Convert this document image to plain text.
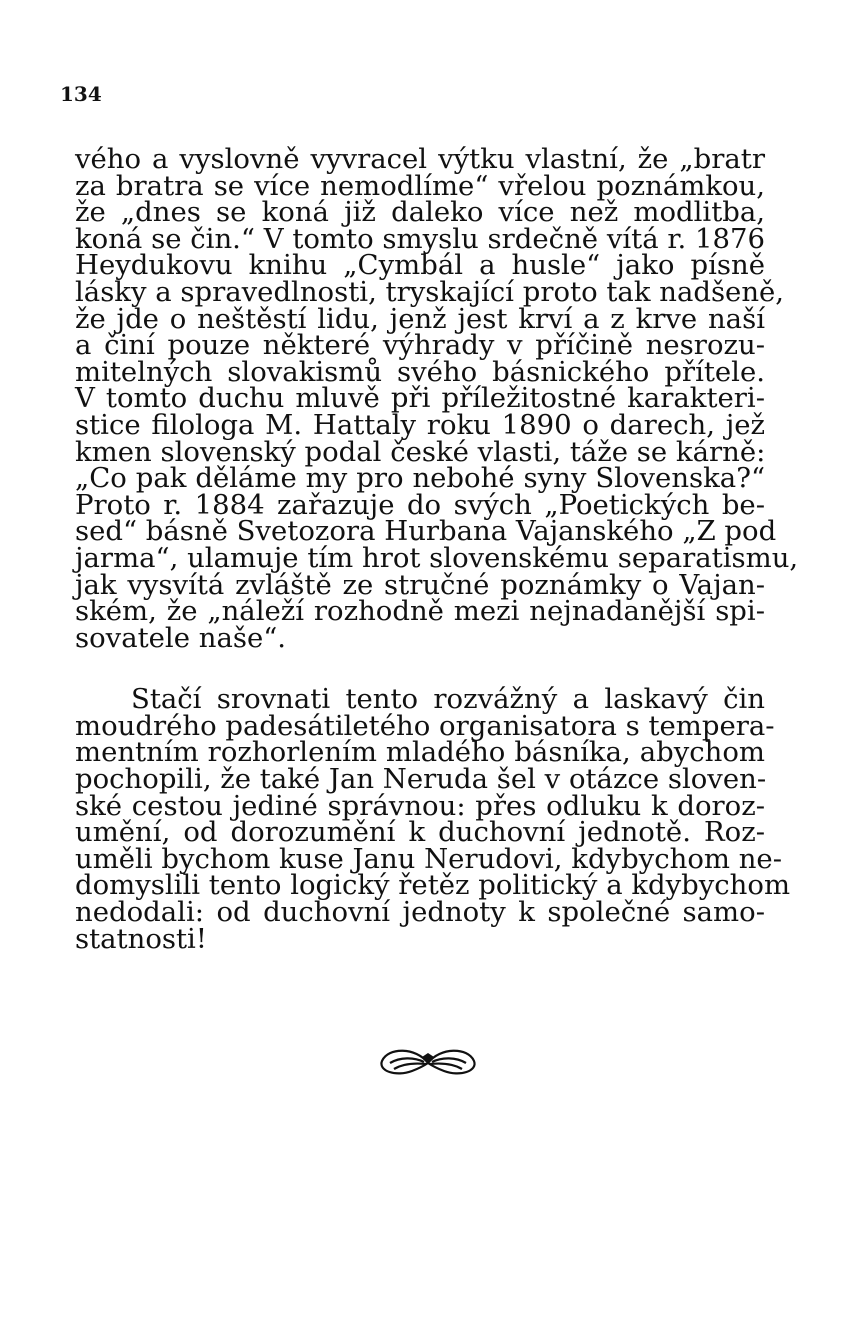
134
vého a vyslovně vyvracel výtku vlastní, že „bratr
za bratra se více nemodlíme“ vřelou poznámkou,
že „dnes se koná již daleko více než modlitba,
koná se čin.“ V tomto smyslu srdečně vítá r. 1876
Heydukovu knihu „Cymbál a husle“ jako písně
lásky a spravedlnosti, tryskající proto tak nadšeně,
že jde o neštěstí lidu, jenž jest krví a z krve naší
a činí pouze některé výhrady v příčině nesrozu-
mitelných slovakismů svého básnického přítele.
V tomto duchu mluvě při příležitostné karakteri-
stice filologa M. Hattaly roku 1890 o darech, jež
kmen slovenský podal české vlasti, táže se kárně:
„Co pak děláme my pro nebohé syny Slovenska?“
Proto r. 1884 zařazuje do svých „Poetických be-
sed“ básně Svetozora Hurbana Vajanského „Z pod
jarma“, ulamuje tím hrot slovenskému separatismu,
jak vysvítá zvláště ze stručné poznámky o Vajan-
ském, že „náleží rozhodně mezi nejnadanější spi-
sovatele naše“.
Stačí srovnati tento rozvážný a laskavý čin
moudrého padesátiletého organisatora s tempera-
mentním rozhorlením mladého básníka, abychom
pochopili, že také Jan Neruda šel v otázce sloven-
ské cestou jediné správnou: přes odluku k doroz-
umění, od dorozumění k duchovní jednotě. Roz-
uměli bychom kuse Janu Nerudovi, kdybychom ne-
domyslili tento logický řetěz politický a kdybychom
nedodali: od duchovní jednoty k společné samo-
statnosti!
